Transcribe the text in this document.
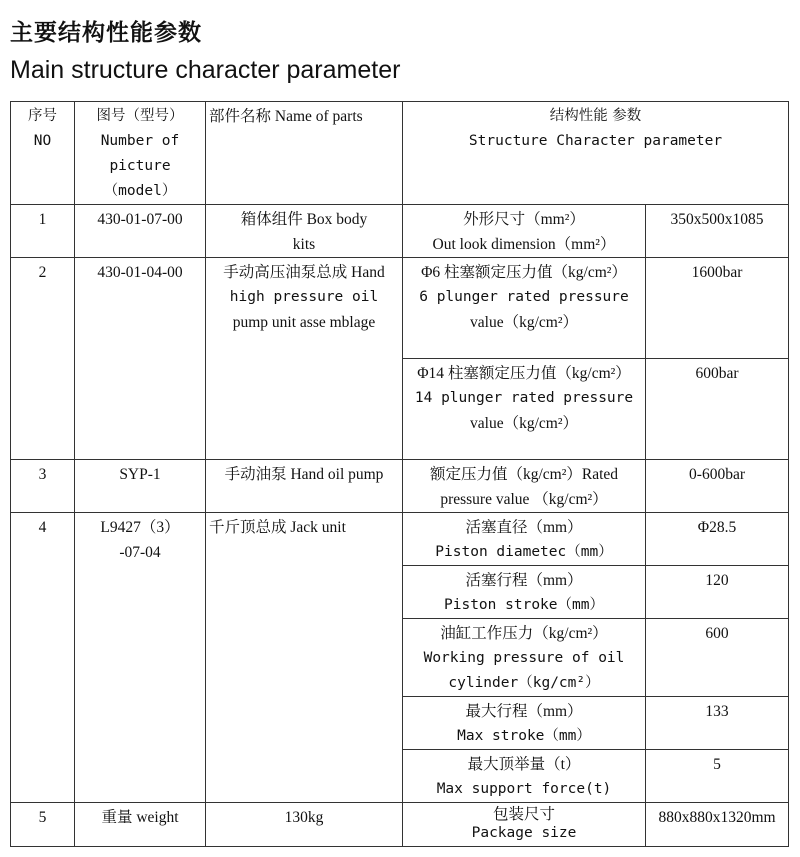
主要结构性能参数
Main structure character parameter
序号
NO	图号（型号）
Number of
picture
（model）	部件名称 Name of parts	结构性能 参数
Structure Character parameter	

1	430-01-07-00	箱体组件 Box body
kits	外形尺寸（mm²）
Out look dimension（mm²）	350x500x1085
2	430-01-04-00	手动高压油泵总成 Hand
high pressure oil
pump unit asse mblage	Φ6 柱塞额定压力值（kg/cm²）
6 plunger rated pressure
value（kg/cm²）	1600bar

			Φ14 柱塞额定压力值（kg/cm²）
14 plunger rated pressure
value（kg/cm²）	600bar
3	SYP-1	手动油泵 Hand oil pump	额定压力值（kg/cm²）Rated
pressure value （kg/cm²）	0-600bar
4	L9427（3）
-07-04	千斤顶总成 Jack unit	活塞直径（mm）
Piston diametec（mm）	Φ28.5

			活塞行程（mm）
Piston stroke（mm）	120

			油缸工作压力（kg/cm²）
Working pressure of oil
cylinder（kg/cm²）	600

			最大行程（mm）
Max stroke（mm）	133

			最大顶举量（t）
Max support force(t)	5
5	重量 weight	130kg	包装尺寸
Package size	880x880x1320mm
